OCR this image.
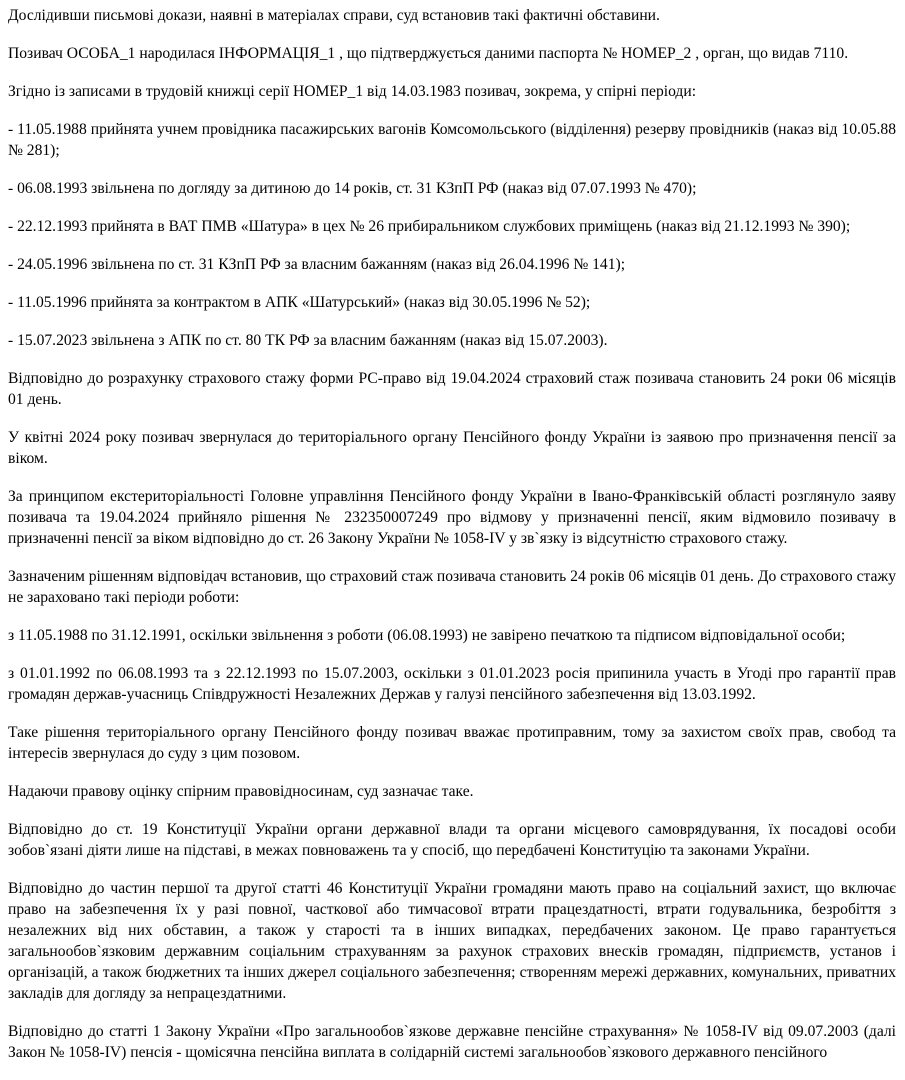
Дослідивши письмові докази, наявні в матеріалах справи, суд встановив такі фактичні обставини.

Позивач ОСОБА_1 народилася ІНФОРМАЦІЯ_1 , що підтверджується даними паспорта № НОМЕР_2 , орган, що видав 7110.

Згідно із записами в трудовій книжці серії НОМЕР_1 від 14.03.1983 позивач, зокрема, у спірні періоди:

- 11.05.1988 прийнята учнем провідника пасажирських вагонів Комсомольського (відділення) резерву провідників (наказ від 10.05.88 № 281);

- 06.08.1993 звільнена по догляду за дитиною до 14 років, ст. 31 КЗпП РФ (наказ від 07.07.1993 № 470);

- 22.12.1993 прийнята в ВАТ ПМВ «Шатура» в цех № 26 прибиральником службових приміщень (наказ від 21.12.1993 № 390);

- 24.05.1996 звільнена по ст. 31 КЗпП РФ за власним бажанням (наказ від 26.04.1996 № 141);

- 11.05.1996 прийнята за контрактом в АПК «Шатурський» (наказ від 30.05.1996 № 52);

- 15.07.2023 звільнена з АПК по ст. 80 ТК РФ за власним бажанням (наказ від 15.07.2003).

Відповідно до розрахунку страхового стажу форми РС-право від 19.04.2024 страховий стаж позивача становить 24 роки 06 місяців 01 день.

У квітні 2024 року позивач звернулася до територіального органу Пенсійного фонду України із заявою про призначення пенсії за віком.

За принципом екстериторіальності Головне управління Пенсійного фонду України в Івано-Франківській області розглянуло заяву позивача та 19.04.2024 прийняло рішення № 232350007249 про відмову у призначенні пенсії, яким відмовило позивачу в призначенні пенсії за віком відповідно до ст. 26 Закону України № 1058-IV у зв`язку із відсутністю страхового стажу.

Зазначеним рішенням відповідач встановив, що страховий стаж позивача становить 24 років 06 місяців 01 день. До страхового стажу не зараховано такі періоди роботи:

з 11.05.1988 по 31.12.1991, оскільки звільнення з роботи (06.08.1993) не завірено печаткою та підписом відповідальної особи;

з 01.01.1992 по 06.08.1993 та з 22.12.1993 по 15.07.2003, оскільки з 01.01.2023 росія припинила участь в Угоді про гарантії прав громадян держав-учасниць Співдружності Незалежних Держав у галузі пенсійного забезпечення від 13.03.1992.

Таке рішення територіального органу Пенсійного фонду позивач вважає протиправним, тому за захистом своїх прав, свобод та інтересів звернулася до суду з цим позовом.

Надаючи правову оцінку спірним правовідносинам, суд зазначає таке.

Відповідно до ст. 19 Конституції України органи державної влади та органи місцевого самоврядування, їх посадові особи зобов`язані діяти лише на підставі, в межах повноважень та у спосіб, що передбачені Конституцію та законами України.

Відповідно до частин першої та другої статті 46 Конституції України громадяни мають право на соціальний захист, що включає право на забезпечення їх у разі повної, часткової або тимчасової втрати працездатності, втрати годувальника, безробіття з незалежних від них обставин, а також у старості та в інших випадках, передбачених законом. Це право гарантується загальнообов`язковим державним соціальним страхуванням за рахунок страхових внесків громадян, підприємств, установ і організацій, а також бюджетних та інших джерел соціального забезпечення; створенням мережі державних, комунальних, приватних закладів для догляду за непрацездатними.

Відповідно до статті 1 Закону України «Про загальнообов`язкове державне пенсійне страхування» № 1058-IV від 09.07.2003 (далі Закон № 1058-IV) пенсія - щомісячна пенсійна виплата в солідарній системі загальнообов`язкового державного пенсійного
